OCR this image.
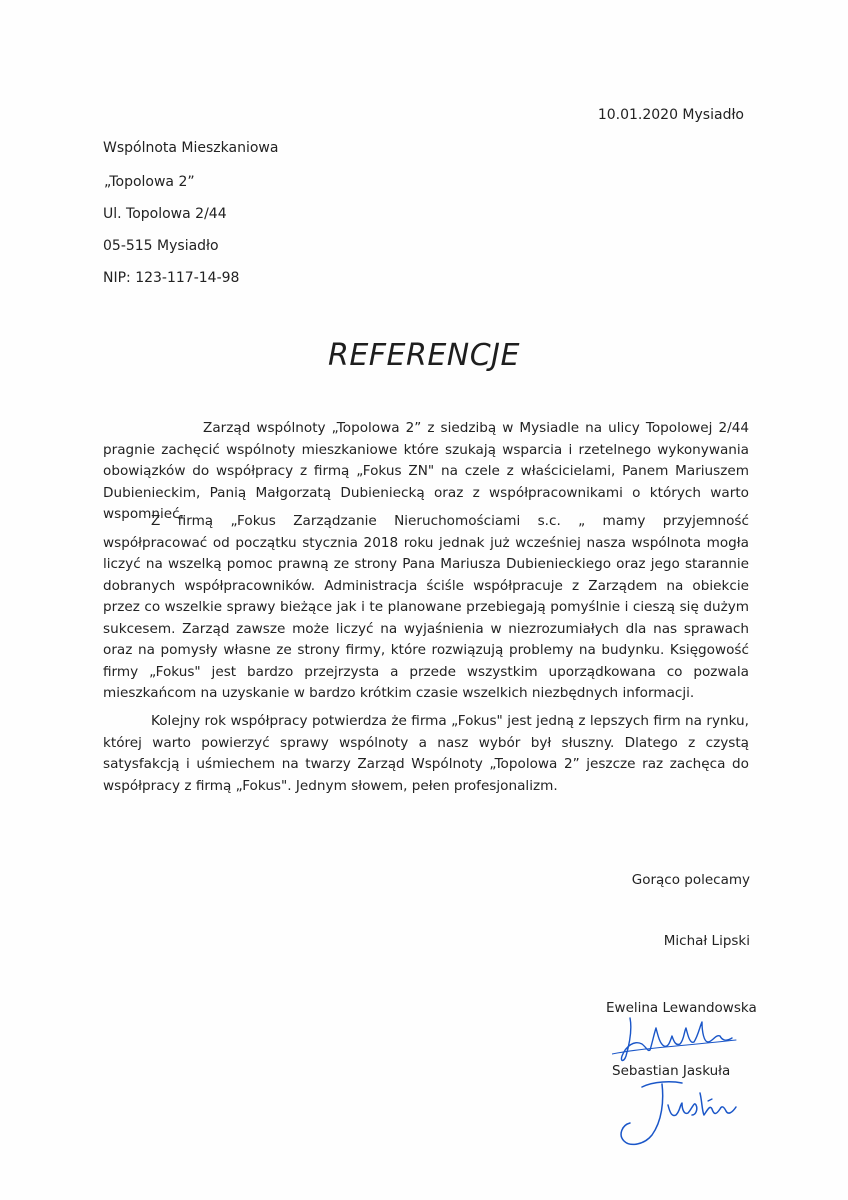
10.01.2020 Mysiadło
Wspólnota Mieszkaniowa
„Topolowa 2”
Ul. Topolowa 2/44
05-515 Mysiadło
NIP: 123-117-14-98
REFERENCJE

Zarząd wspólnoty „Topolowa 2” z siedzibą w Mysiadle na ulicy Topolowej 2/44 pragnie zachęcić wspólnoty mieszkaniowe które szukają wsparcia i rzetelnego wykonywania obowiązków do współpracy z firmą „Fokus ZN" na czele z właścicielami, Panem Mariuszem Dubienieckim, Panią Małgorzatą Dubieniecką oraz z współpracownikami o których warto wspomnieć.

Z firmą „Fokus Zarządzanie Nieruchomościami s.c. „ mamy przyjemność współpracować od początku stycznia 2018 roku jednak już wcześniej nasza wspólnota mogła liczyć na wszelką pomoc prawną ze strony Pana Mariusza Dubienieckiego oraz jego starannie dobranych współpracowników. Administracja ściśle współpracuje z Zarządem na obiekcie przez co wszelkie sprawy bieżące jak i te planowane przebiegają pomyślnie i cieszą się dużym sukcesem. Zarząd zawsze może liczyć na wyjaśnienia w niezrozumiałych dla nas sprawach oraz na pomysły własne ze strony firmy, które rozwiązują problemy na budynku. Księgowość firmy „Fokus" jest bardzo przejrzysta a przede wszystkim uporządkowana co pozwala mieszkańcom na uzyskanie w bardzo krótkim czasie wszelkich niezbędnych informacji.

Kolejny rok współpracy potwierdza że firma „Fokus" jest jedną z lepszych firm na rynku, której warto powierzyć sprawy wspólnoty a nasz wybór był słuszny. Dlatego z czystą satysfakcją i uśmiechem na twarzy Zarząd Wspólnoty „Topolowa 2” jeszcze raz zachęca do współpracy z firmą „Fokus". Jednym słowem, pełen profesjonalizm.

Gorąco polecamy
Michał Lipski
Ewelina Lewandowska
Sebastian Jaskuła
